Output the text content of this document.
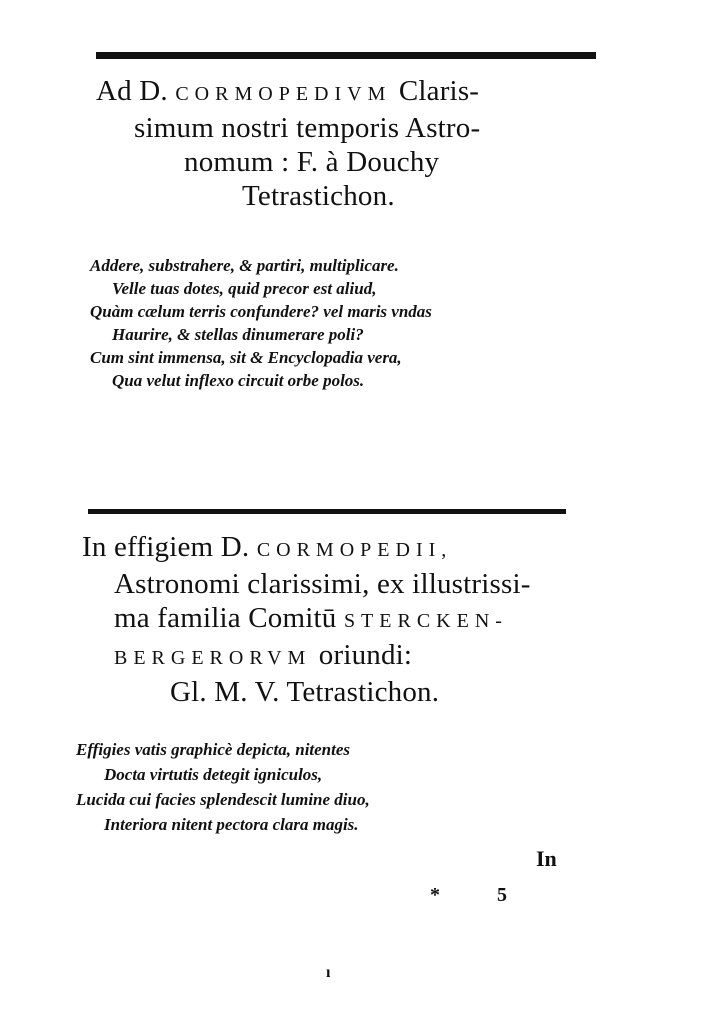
Ad D. CORMOPEDIVM Claris-
simum nostri temporis Astro-
nomum : F. à Douchy
Tetrastichon.
Addere, substrahere, & partiri, multiplicare.
Velle tuas dotes, quid precor est aliud,
Quàm cælum terris confundere? vel maris vndas
Haurire, & stellas dinumerare poli?
Cum sint immensa, sit & Encyclopadia vera,
Qua velut inflexo circuit orbe polos.
In effigiem D. CORMOPEDII,
Astronomi clarissimi, ex illustrissi-
ma familia Comitū STERCKEN-
BERGERORVM oriundi:
Gl. M. V. Tetrastichon.
Effigies vatis graphicè depicta, nitentes
Docta virtutis detegit igniculos,
Lucida cui facies splendescit lumine diuo,
Interiora nitent pectora clara magis.
In
* 5
ı
